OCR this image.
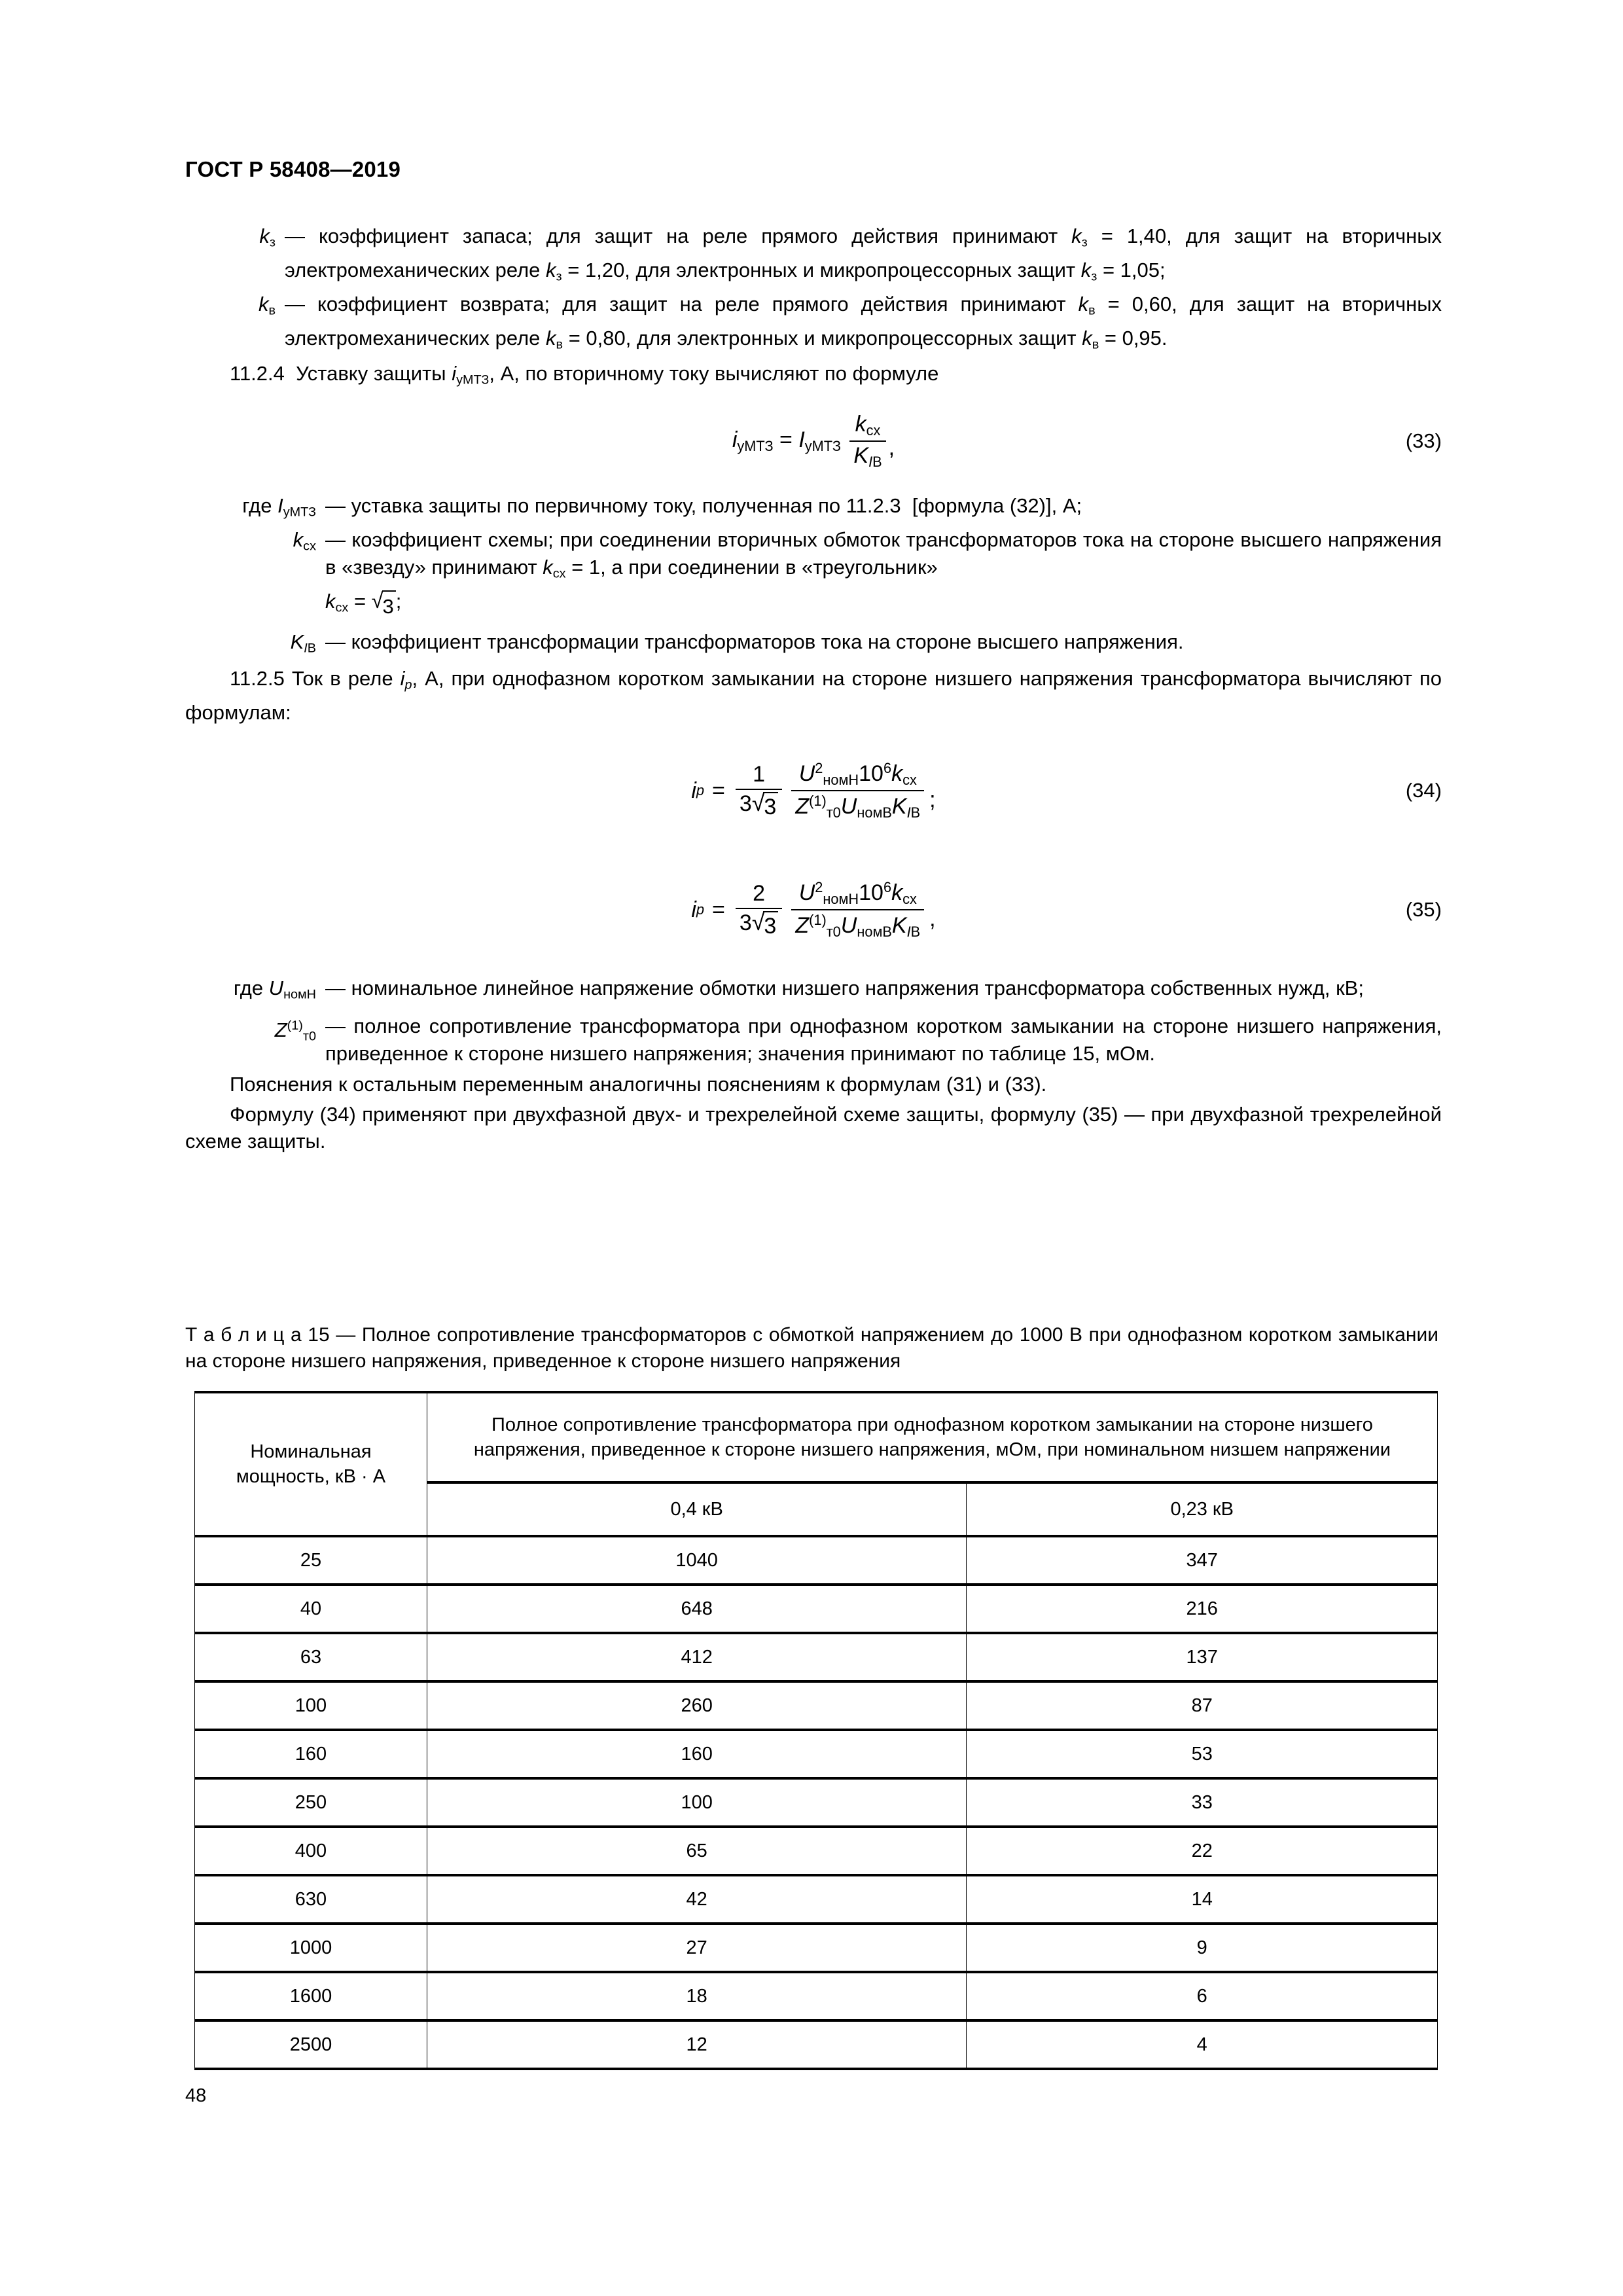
ГОСТ Р 58408—2019
$k_з$ — коэффициент запаса; для защит на реле прямого действия принимают $k_з = 1,40$, для защит на вторичных электромеханических реле $k_з = 1,20$, для электронных и микропроцессорных защит $k_з = 1,05$;
$k_в$ — коэффициент возврата; для защит на реле прямого действия принимают $k_в = 0,60$, для защит на вторичных электромеханических реле $k_в = 0,80$, для электронных и микропроцессорных защит $k_в = 0,95$.

11.2.4  Уставку защиты $i_{уМТЗ}$, А, по вторичному току вычисляют по формуле

$i_{уМТЗ} = I_{уМТЗ} \frac{k_{сх}}{KI_В}$ ,	(33)
где $I_{уМТЗ}$ — уставка защиты по первичному току, полученная по 11.2.3  [формула (32)], А;
$k_{сх}$ — коэффициент схемы; при соединении вторичных обмоток трансформаторов тока на стороне высшего напряжения в «звезду» принимают $k_{сх} = 1$, а при соединении в «треугольник»
$k_{сх}$ = √ 3 ;
$KI_В$ — коэффициент трансформации трансформаторов тока на стороне высшего напряжения.

11.2.5 Ток в реле iр, А, при однофазном коротком замыкании на стороне низшего напряжения трансформатора вычисляют по формулам:

i $p = \frac{1}{3 √ 3} \frac{U^2_{номН}10^6k_{сх}}{Z^{(1)}_{т0}U_{номВ}KI_В}$ ;	(34)
i $p = \frac{2}{3 √ 3} \frac{U^2_{номН}10^6k_{сх}}{Z^{(1)}_{т0}U_{номВ}KI_В}$ ,	(35)
где $U_{номН}$ — номинальное линейное напряжение обмотки низшего напряжения трансформатора собственных нужд, кВ;
$Z^{(1)}_{т0}$ — полное сопротивление трансформатора при однофазном коротком замыкании на стороне низшего напряжения, приведенное к стороне низшего напряжения; значения принимают по таблице 15, мОм.

Пояснения к остальным переменным аналогичны пояснениям к формулам (31) и (33).

Формулу (34) применяют при двухфазной двух- и трехрелейной схеме защиты, формулу (35) — при двухфазной трехрелейной схеме защиты.

Т а б л и ц а 15 — Полное сопротивление трансформаторов с обмоткой напряжением до 1000 В при однофазном коротком замыкании на стороне низшего напряжения, приведенное к стороне низшего напряжения
Номинальная мощность, кВ · А	Полное сопротивление трансформатора при однофазном коротком замыкании на стороне низшего напряжения, приведенное к стороне низшего напряжения, мОм, при номинальном низшем напряжении	
	0,4 кВ	0,23 кВ
25	1040	347
40	648	216
63	412	137
100	260	87
160	160	53
250	100	33
400	65	22
630	42	14
1000	27	9
1600	18	6
2500	12	4
48
